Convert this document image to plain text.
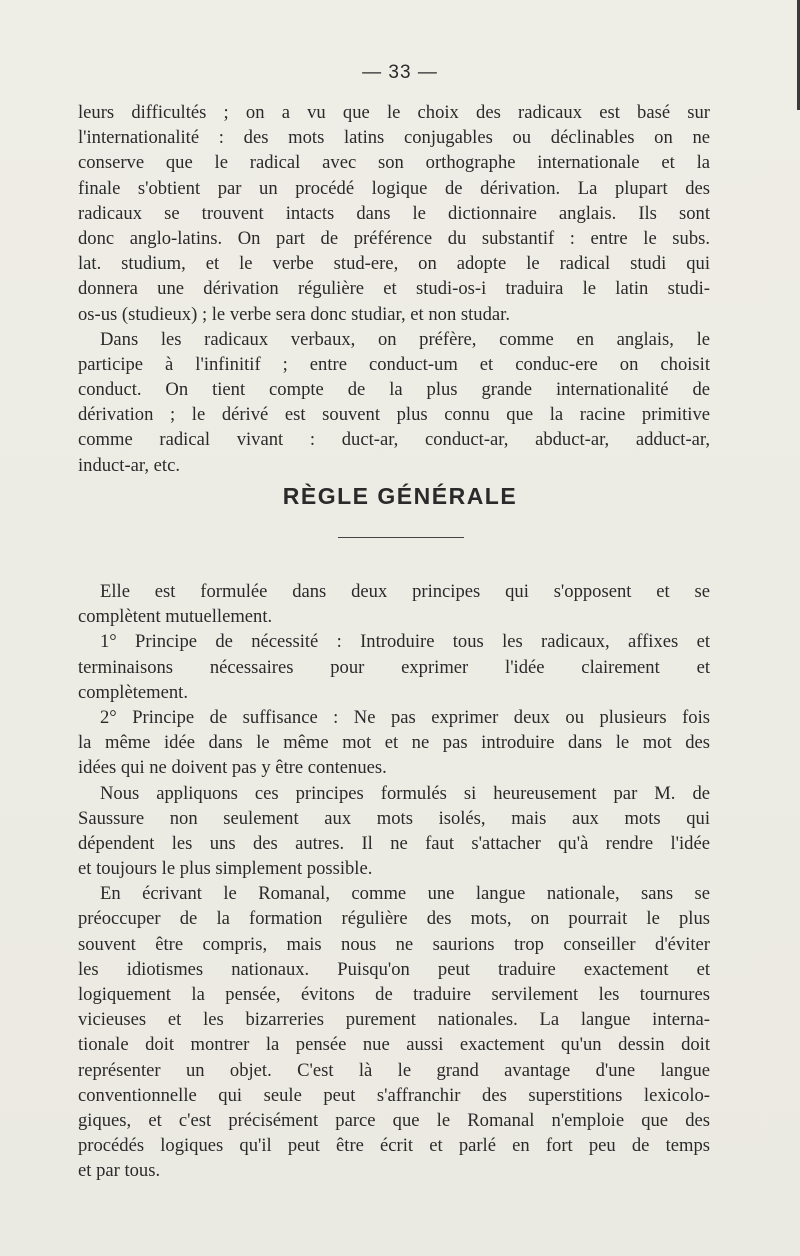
— 33 —
leurs difficultés ; on a vu que le choix des radicaux est basé sur
l'internationalité : des mots latins conjugables ou déclinables on ne
conserve que le radical avec son orthographe internationale et la
finale s'obtient par un procédé logique de dérivation. La plupart des
radicaux se trouvent intacts dans le dictionnaire anglais. Ils sont
donc anglo-latins. On part de préférence du substantif : entre le subs.
lat. studium, et le verbe stud-ere, on adopte le radical studi qui
donnera une dérivation régulière et studi-os-i traduira le latin studi-
os-us (studieux) ; le verbe sera donc studiar, et non studar.
Dans les radicaux verbaux, on préfère, comme en anglais, le
participe à l'infinitif ; entre conduct-um et conduc-ere on choisit
conduct. On tient compte de la plus grande internationalité de
dérivation ; le dérivé est souvent plus connu que la racine primitive
comme radical vivant : duct-ar, conduct-ar, abduct-ar, adduct-ar,
induct-ar, etc.
RÈGLE GÉNÉRALE
Elle est formulée dans deux principes qui s'opposent et se
complètent mutuellement.
1° Principe de nécessité : Introduire tous les radicaux, affixes et
terminaisons nécessaires pour exprimer l'idée clairement et
complètement.
2° Principe de suffisance : Ne pas exprimer deux ou plusieurs fois
la même idée dans le même mot et ne pas introduire dans le mot des
idées qui ne doivent pas y être contenues.
Nous appliquons ces principes formulés si heureusement par M. de
Saussure non seulement aux mots isolés, mais aux mots qui
dépendent les uns des autres. Il ne faut s'attacher qu'à rendre l'idée
et toujours le plus simplement possible.
En écrivant le Romanal, comme une langue nationale, sans se
préoccuper de la formation régulière des mots, on pourrait le plus
souvent être compris, mais nous ne saurions trop conseiller d'éviter
les idiotismes nationaux. Puisqu'on peut traduire exactement et
logiquement la pensée, évitons de traduire servilement les tournures
vicieuses et les bizarreries purement nationales. La langue interna-
tionale doit montrer la pensée nue aussi exactement qu'un dessin doit
représenter un objet. C'est là le grand avantage d'une langue
conventionnelle qui seule peut s'affranchir des superstitions lexicolo-
giques, et c'est précisément parce que le Romanal n'emploie que des
procédés logiques qu'il peut être écrit et parlé en fort peu de temps
et par tous.
